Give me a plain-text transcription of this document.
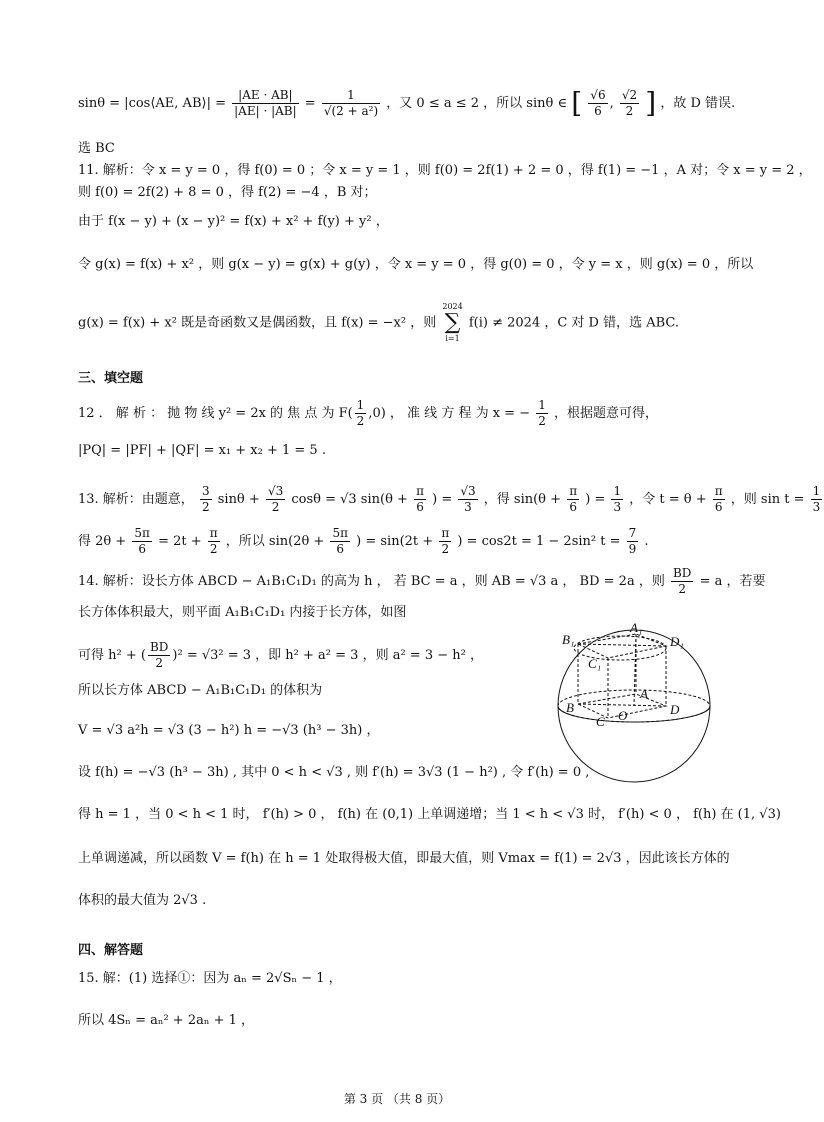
sinθ = |cos⟨AE, AB⟩| = $\frac{|AE \cdot AB|}{|AE| \cdot |AB|} = \frac{1}{\text{√(2 + a²)}}$ ，又 0 ≤ a ≤ 2 ，所以 sinθ ∈ [ $\frac{√6}{6}$ , $\frac{√2}{2}$ ] ，故 D 错误.
选 BC
11. 解析：令 x = y = 0 ，得 f(0) = 0 ；令 x = y = 1 ，则 f(0) = 2f(1) + 2 = 0 ，得 f(1) = −1 ，A 对；令 x = y = 2 ，
则 f(0) = 2f(2) + 8 = 0 ，得 f(2) = −4 ，B 对；
由于 f(x − y) + (x − y)² = f(x) + x² + f(y) + y² ，
令 g(x) = f(x) + x² ，则 g(x − y) = g(x) + g(y) ，令 x = y = 0 ，得 g(0) = 0 ，令 y = x ，则 g(x) = 0 ，所以
g(x) = f(x) + x² 既是奇函数又是偶函数，且 f(x) = −x² ，则
2024
∑
i=1
f(i) ≠ 2024 ，C 对 D 错，选 ABC.
三、填空题
12 ． 解 析 ： 抛 物 线 y² = 2x 的 焦 点 为 $F( \frac{1}{2} ,0)$ ， 准 线 方 程 为 x = − $\frac{1}{2}$ ，根据题意可得，
|PQ| = |PF| + |QF| = x₁ + x₂ + 1 = 5 .
13. 解析：由题意， $\frac{3}{2}$ $\sin\theta + \frac{√3}{2}$ cosθ = √3 $\sin(\theta + \frac{\pi}{6}$ ) = $\frac{√3}{3}$ ，得 $\sin(\theta + \frac{\pi}{6}$ ) = $\frac{1}{3}$ ，令 $t = \theta + \frac{\pi}{6}$ ，则 $\sin t = \frac{1}{3}$
得 $2\theta + \frac{5\pi}{6} = 2t + \frac{\pi}{2}$ ，所以 $\sin(2\theta + \frac{5\pi}{6}$ ) = $\sin(2t + \frac{\pi}{2}$ ) = cos2t = 1 − 2sin² $t = \frac{7}{9}$ .
14. 解析：设长方体 ABCD − A₁B₁C₁D₁ 的高为 h ， 若 BC = a ，则 AB = √3 a ， BD = 2a ，则 $\frac{BD}{2} = a$ ，若要
长方体体积最大，则平面 A₁B₁C₁D₁ 内接于长方体，如图
可得 h² + ( $\frac{BD}{2} )^2 = √3^2 = 3$ ，即 h² + a² = 3 ，则 a² = 3 − h² ，
所以长方体 ABCD − A₁B₁C₁D₁ 的体积为
V = √3 a²h = √3 (3 − h²) h = −√3 (h³ − 3h) ，
设 f(h) = −√3 (h³ − 3h) , 其中 0 < h < √3 , 则 f′(h) = 3√3 (1 − h²) , 令 f′(h) = 0 ,
得 h = 1 ，当 0 < h < 1 时， f′(h) > 0 ， f(h) 在 (0,1) 上单调递增；当 1 < h < √3 时， f′(h) < 0 ， f(h) 在 (1, √3)
上单调递减，所以函数 V = f(h) 在 h = 1 处取得极大值，即最大值，则 Vmax = f(1) = 2√3 ，因此该长方体的
体积的最大值为 2√3 .
四、解答题
15. 解：(1) 选择①：因为 aₙ = 2√Sₙ − 1 ，
所以 4Sₙ = aₙ² + 2aₙ + 1 ，
B₁
A₁
D₁
C₁
A
B
C O	D
第 3 页 （共 8 页）
